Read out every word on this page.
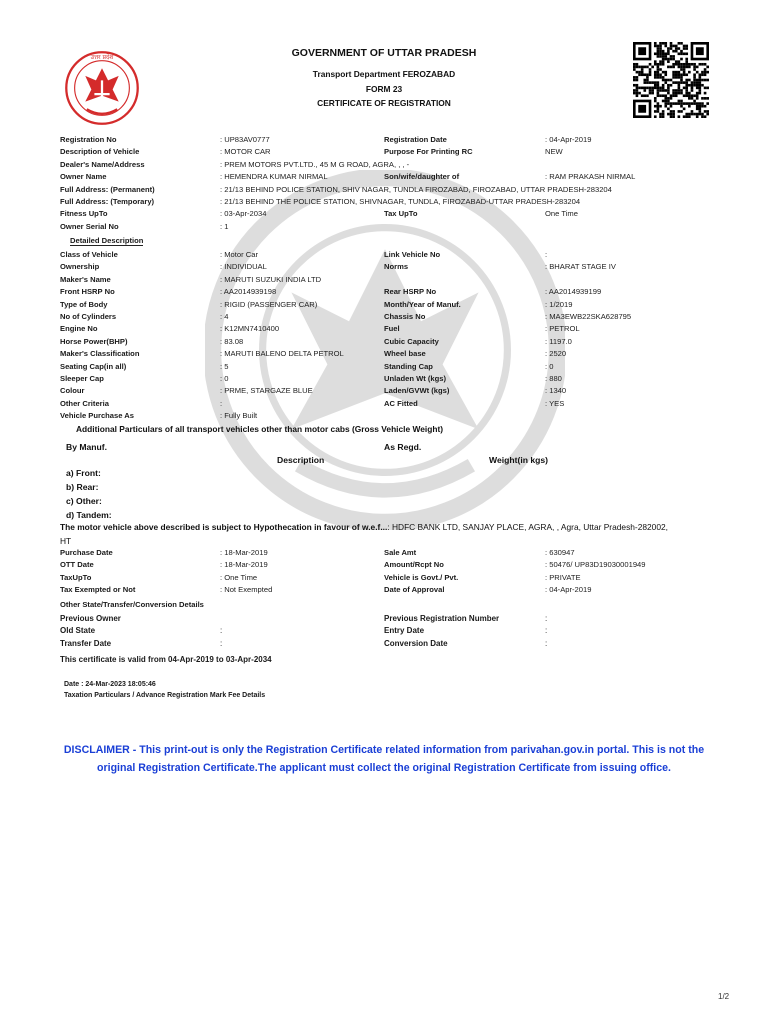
उत्तर प्रदेश	GOVERNMENT OF UTTAR PRADESH
Transport Department FEROZABAD
FORM 23
CERTIFICATE OF REGISTRATION
Registration No	: UP83AV0777	Registration Date	: 04-Apr-2019
Description of Vehicle	: MOTOR CAR	Purpose For Printing RC	NEW
Dealer's Name/Address	: PREM MOTORS PVT.LTD., 45 M G ROAD, AGRA, , , -
Owner Name	: HEMENDRA KUMAR NIRMAL	Son/wife/daughter of	: RAM PRAKASH NIRMAL
Full Address: (Permanent)	: 21/13 BEHIND POLICE STATION, SHIV NAGAR, TUNDLA FIROZABAD, FIROZABAD, UTTAR PRADESH-283204
Full Address: (Temporary)	: 21/13 BEHIND THE POLICE STATION, SHIVNAGAR, TUNDLA, FIROZABAD-UTTAR PRADESH-283204
Fitness UpTo	: 03-Apr-2034	Tax UpTo	One Time
Owner Serial No	: 1
Detailed Description
Class of Vehicle	: Motor Car	Link Vehicle No	:
Ownership	: INDIVIDUAL	Norms	: BHARAT STAGE IV
Maker's Name	: MARUTI SUZUKI INDIA LTD
Front HSRP No	: AA2014939198	Rear HSRP No	: AA2014939199
Type of Body	: RIGID (PASSENGER CAR)	Month/Year of Manuf.	: 1/2019
No of Cylinders	: 4	Chassis No	: MA3EWB22SKA628795
Engine No	: K12MN7410400	Fuel	: PETROL
Horse Power(BHP)	: 83.08	Cubic Capacity	: 1197.0
Maker's Classification	: MARUTI BALENO DELTA PETROL	Wheel base	: 2520
Seating Cap(in all)	: 5	Standing Cap	: 0
Sleeper Cap	: 0	Unladen Wt (kgs)	: 880
Colour	: PRME, STARGAZE BLUE	Laden/GVWt (kgs)	: 1340
Other Criteria	:	AC Fitted	: YES
Vehicle Purchase As	: Fully Built
Additional Particulars of all transport vehicles other than motor cabs (Gross Vehicle Weight)
By Manuf.	As Regd.
Description	Weight(in kgs)
a) Front:
b) Rear:
c) Other:
d) Tandem:
The motor vehicle above described is subject to Hypothecation in favour of w.e.f...: HDFC BANK LTD, SANJAY PLACE, AGRA, , Agra, Uttar Pradesh-282002,
HT
Purchase Date	: 18-Mar-2019	Sale Amt	: 630947
OTT Date	: 18-Mar-2019	Amount/Rcpt No	: 50476/ UP83D19030001949
TaxUpTo	: One Time	Vehicle is Govt./ Pvt.	: PRIVATE
Tax Exempted or Not	: Not Exempted	Date of Approval	: 04-Apr-2019
Other State/Transfer/Conversion Details
Previous Owner	Previous Registration Number	:
Old State	:	Entry Date	:
Transfer Date	:	Conversion Date	:
This certificate is valid from 04-Apr-2019 to 03-Apr-2034
Date : 24-Mar-2023 18:05:46
Taxation Particulars / Advance Registration Mark Fee Details
DISCLAIMER - This print-out is only the Registration Certificate related information from parivahan.gov.in portal. This is not the
original Registration Certificate.The applicant must collect the original Registration Certificate from issuing office.
1/2
